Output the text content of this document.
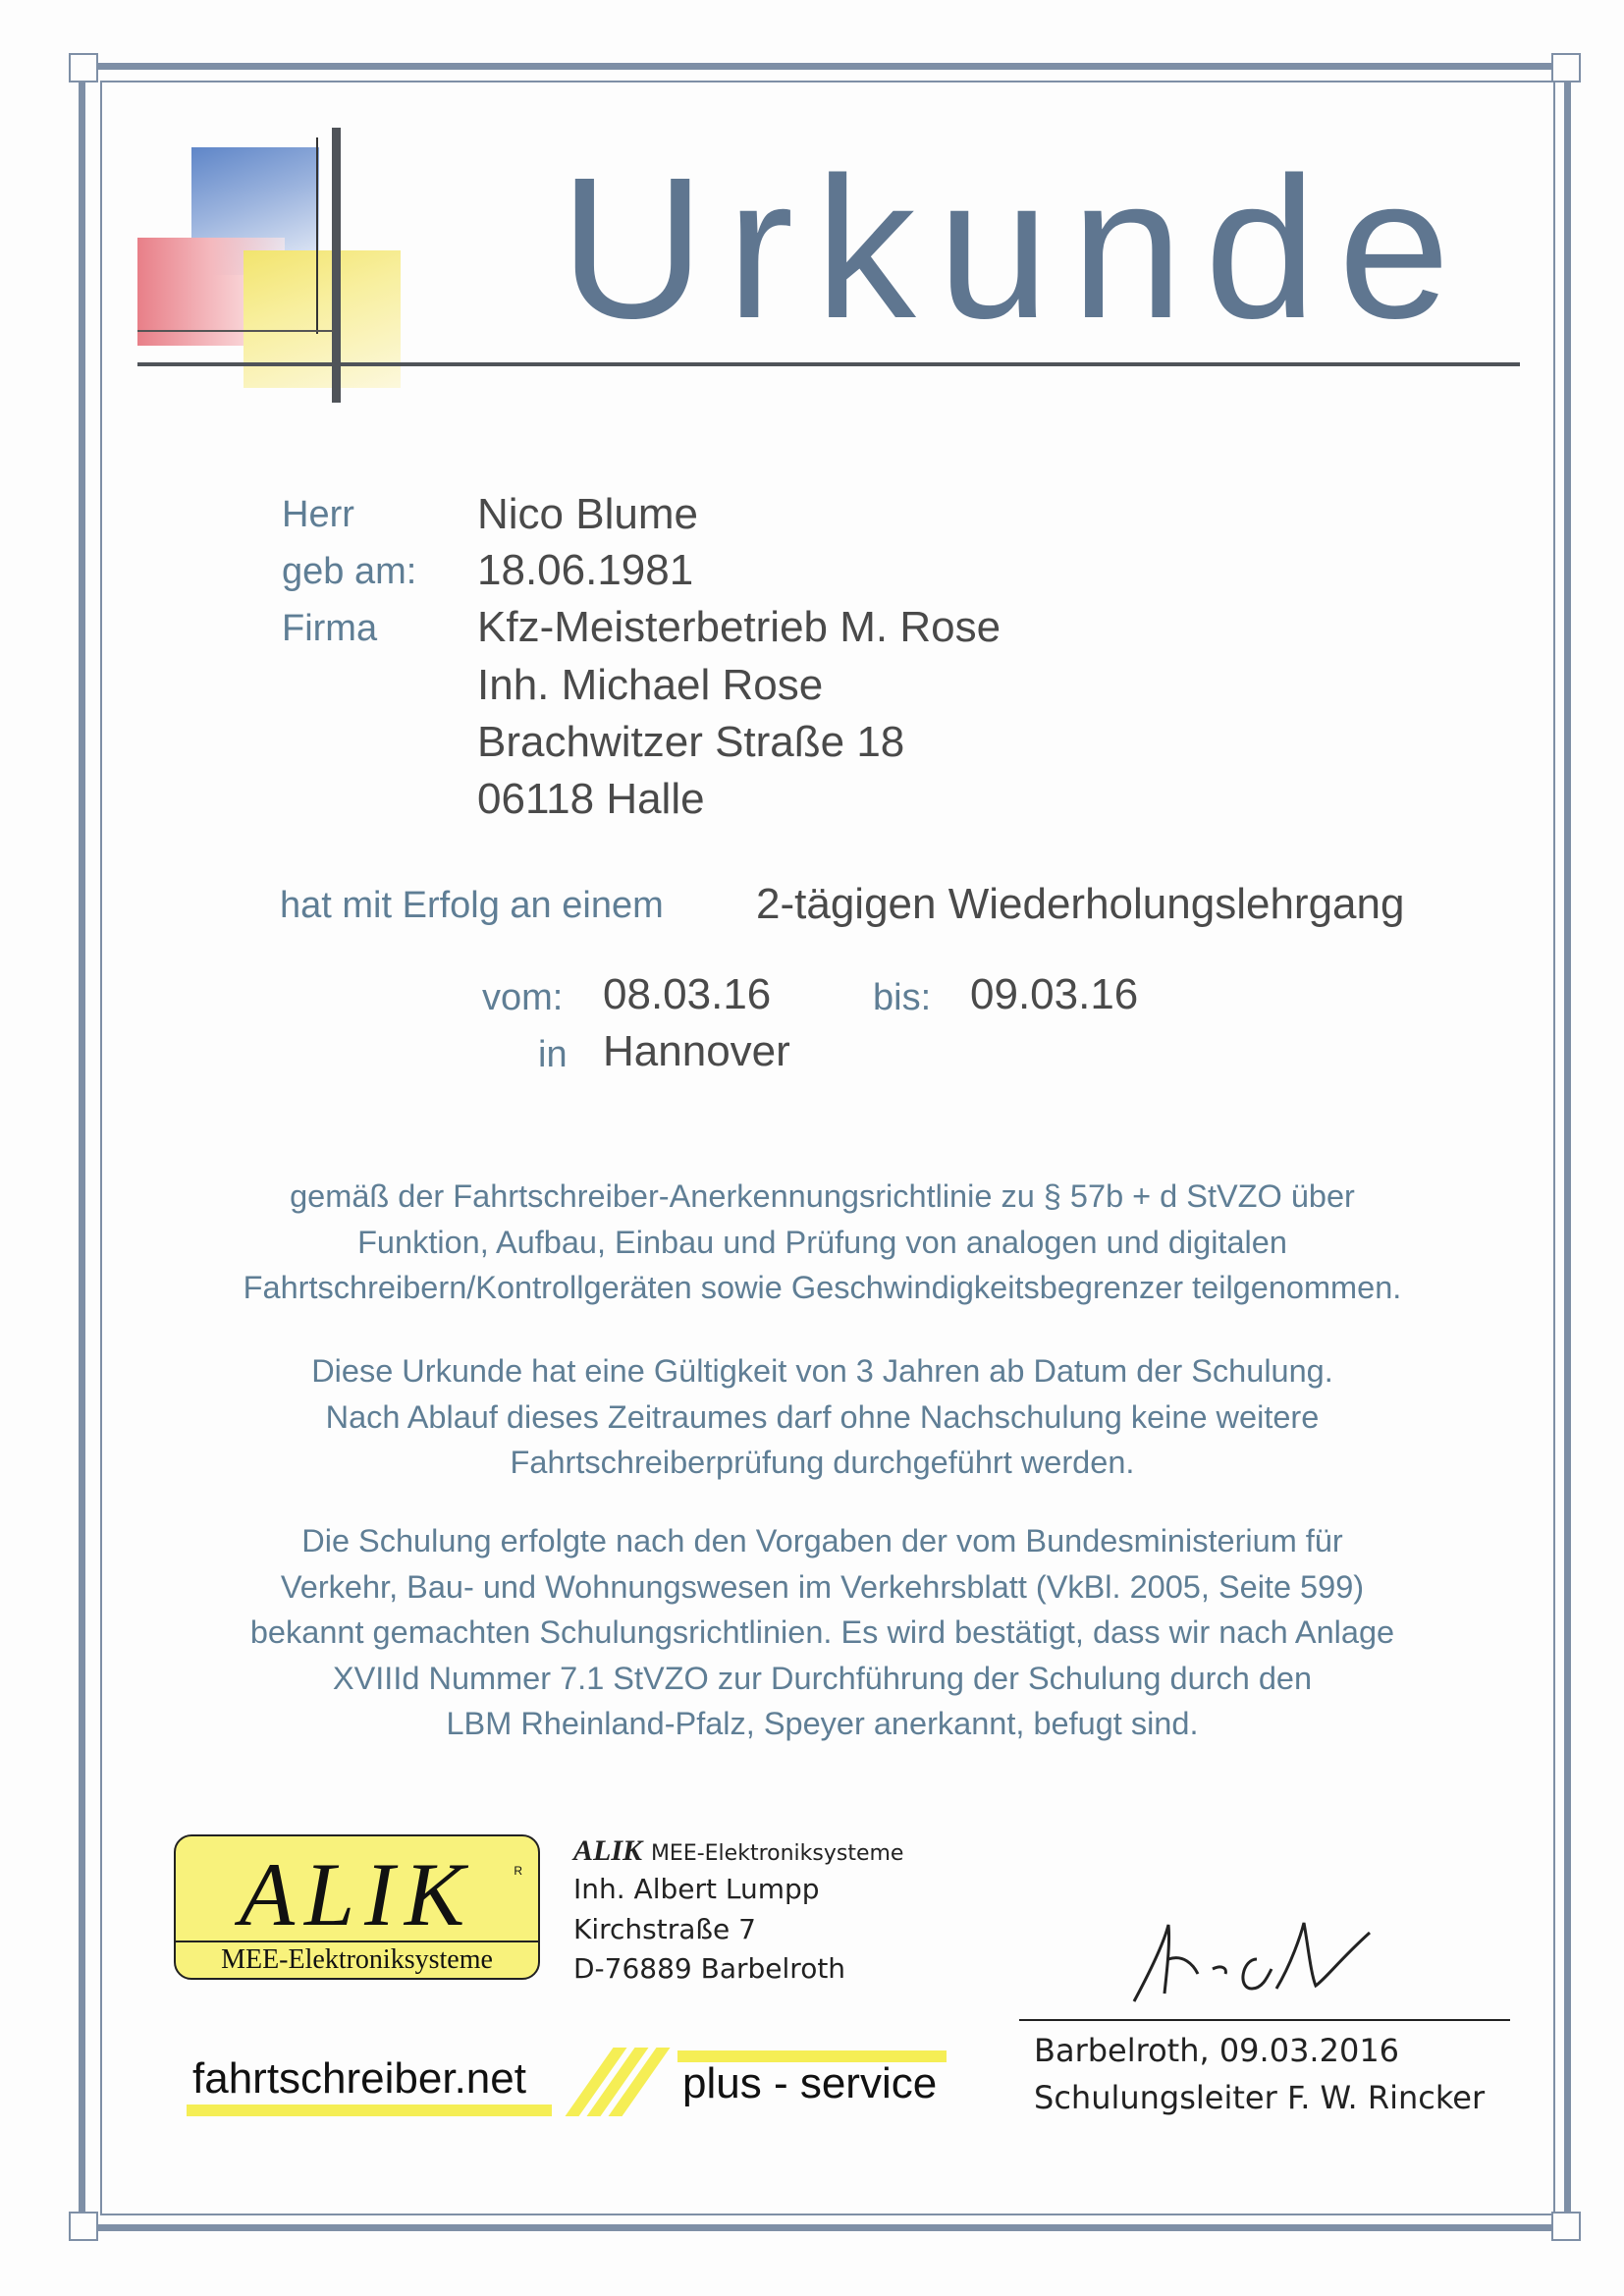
Urkunde
Herr	Nico Blume
geb am: 18.06.1981
Firma Kfz-Meisterbetrieb M. Rose
Inh. Michael Rose
Brachwitzer Straße 18
06118 Halle
hat mit Erfolg an einem 2-tägigen Wiederholungslehrgang
vom: 08.03.16	bis: 09.03.16
in Hannover
gemäß der Fahrtschreiber-Anerkennungsrichtlinie zu § 57b + d StVZO über
Funktion, Aufbau, Einbau und Prüfung von analogen und digitalen
Fahrtschreibern/Kontrollgeräten sowie Geschwindigkeitsbegrenzer teilgenommen.
Diese Urkunde hat eine Gültigkeit von 3 Jahren ab Datum der Schulung.
Nach Ablauf dieses Zeitraumes darf ohne Nachschulung keine weitere
Fahrtschreiberprüfung durchgeführt werden.
Die Schulung erfolgte nach den Vorgaben der vom Bundesministerium für
Verkehr, Bau- und Wohnungswesen im Verkehrsblatt (VkBl. 2005, Seite 599)
bekannt gemachten Schulungsrichtlinien. Es wird bestätigt, dass wir nach Anlage
XVIIId Nummer 7.1 StVZO zur Durchführung der Schulung durch den
LBM Rheinland-Pfalz, Speyer anerkannt, befugt sind.
ALIK	R
MEE-Elektroniksysteme
ALIK MEE-Elektroniksysteme
Inh. Albert Lumpp
Kirchstraße 7
D-76889 Barbelroth
fahrtschreiber.net	plus - service
Barbelroth, 09.03.2016
Schulungsleiter F. W. Rincker
